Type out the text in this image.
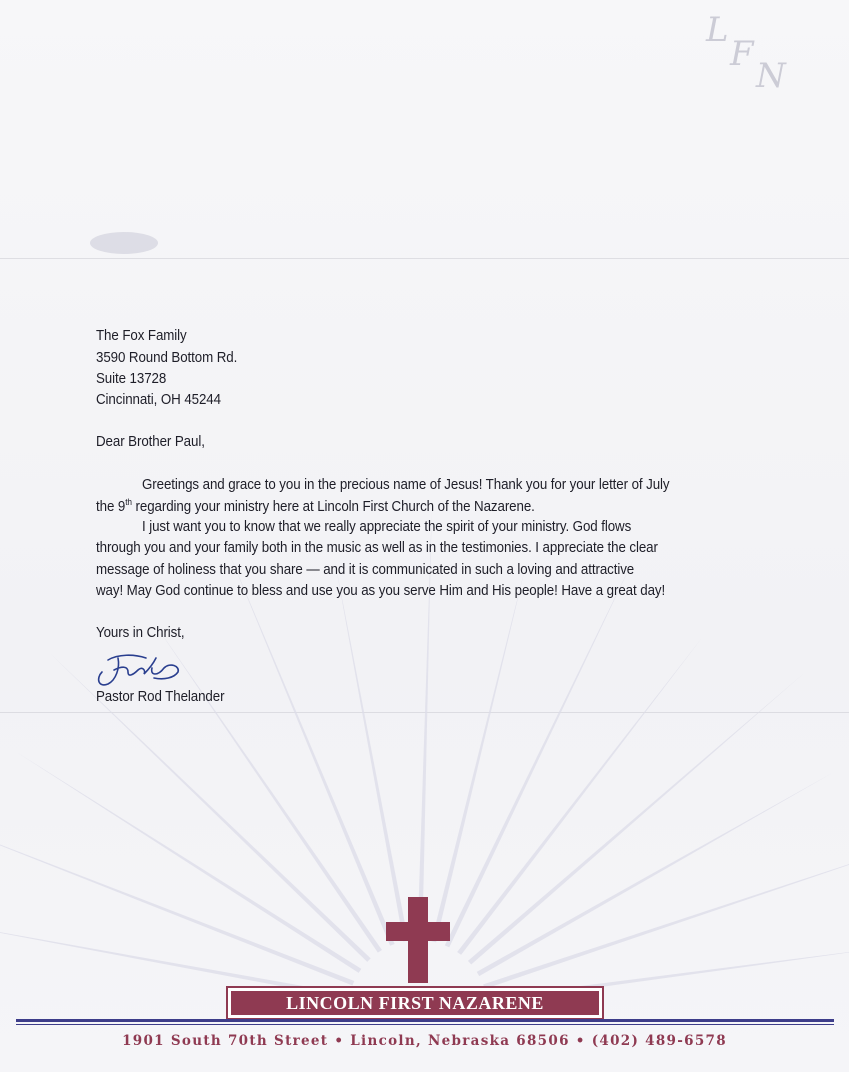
L
F
N
The Fox Family
3590 Round Bottom Rd.
Suite 13728
Cincinnati, OH 45244
Dear Brother Paul,
Greetings and grace to you in the precious name of Jesus! Thank you for your letter of July
the 9th regarding your ministry here at Lincoln First Church of the Nazarene.
I just want you to know that we really appreciate the spirit of your ministry. God flows
through you and your family both in the music as well as in the testimonies. I appreciate the clear
message of holiness that you share — and it is communicated in such a loving and attractive
way! May God continue to bless and use you as you serve Him and His people! Have a great day!
Yours in Christ,
Pastor Rod Thelander
LINCOLN FIRST NAZARENE
1901 South 70th Street • Lincoln, Nebraska 68506 • (402) 489-6578
